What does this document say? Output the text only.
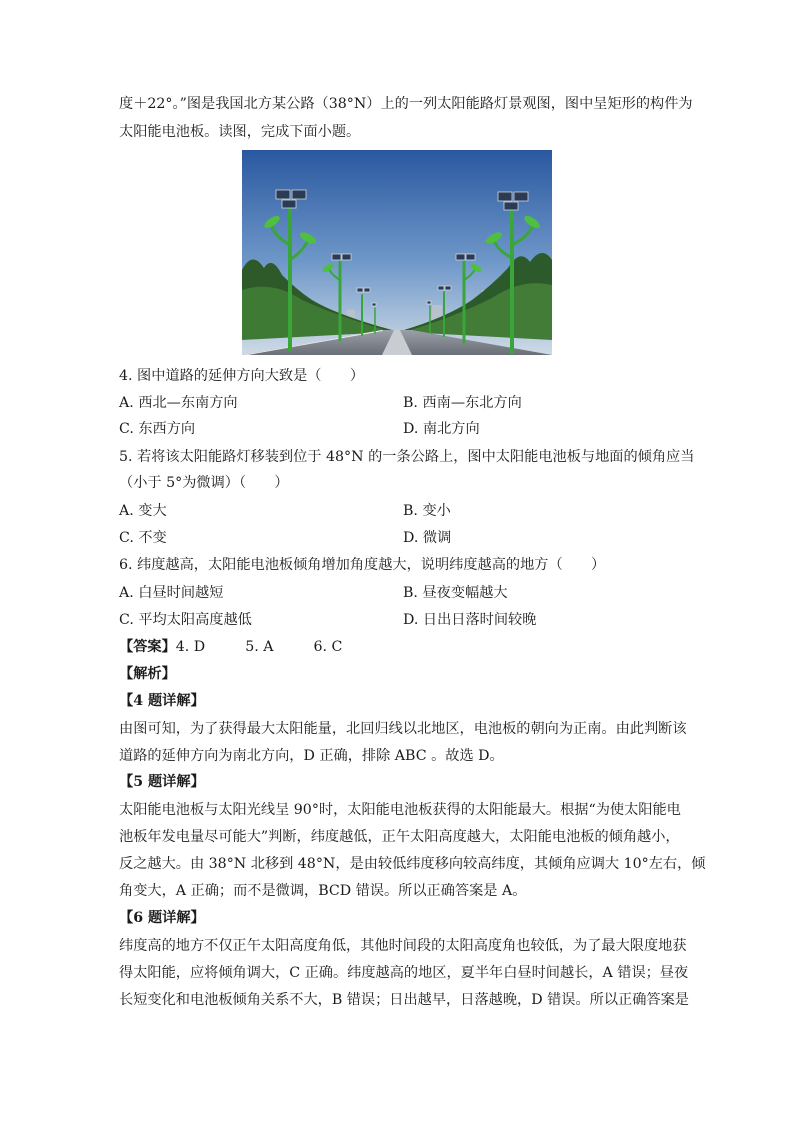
度＋22°。”图是我国北方某公路（38°N）上的一列太阳能路灯景观图，图中呈矩形的构件为
太阳能电池板。读图，完成下面小题。
4. 图中道路的延伸方向大致是（　　）
A. 西北—东南方向	B. 西南—东北方向
C. 东西方向	D. 南北方向
5. 若将该太阳能路灯移装到位于 48°N 的一条公路上，图中太阳能电池板与地面的倾角应当
（小于 5°为微调）（　　）
A. 变大	B. 变小
C. 不变	D. 微调
6. 纬度越高，太阳能电池板倾角增加角度越大，说明纬度越高的地方（　　）
A. 白昼时间越短	B. 昼夜变幅越大
C. 平均太阳高度越低	D. 日出日落时间较晚
【答案】4. D	5. A	6. C
【解析】
【4 题详解】
由图可知，为了获得最大太阳能量，北回归线以北地区，电池板的朝向为正南。由此判断该
道路的延伸方向为南北方向，D 正确，排除 ABC 。故选 D。
【5 题详解】
太阳能电池板与太阳光线呈 90°时，太阳能电池板获得的太阳能最大。根据“为使太阳能电
池板年发电量尽可能大”判断，纬度越低，正午太阳高度越大，太阳能电池板的倾角越小，
反之越大。由 38°N 北移到 48°N，是由较低纬度移向较高纬度，其倾角应调大 10°左右，倾
角变大，A 正确；而不是微调，BCD 错误。所以正确答案是 A。
【6 题详解】
纬度高的地方不仅正午太阳高度角低，其他时间段的太阳高度角也较低，为了最大限度地获
得太阳能，应将倾角调大，C 正确。纬度越高的地区，夏半年白昼时间越长，A 错误；昼夜
长短变化和电池板倾角关系不大，B 错误；日出越早，日落越晚，D 错误。所以正确答案是
